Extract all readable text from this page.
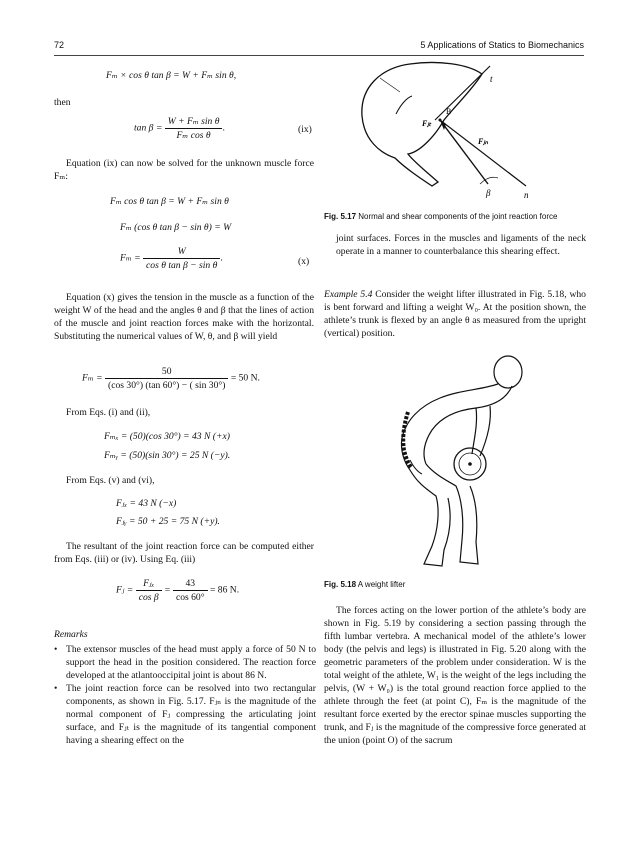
72	5 Applications of Statics to Biomechanics
Fₘ × cos θ tan β = W + Fₘ sin θ,
then
$\tan \beta = \frac{\text{W + Fₘ sin θ}}{\text{Fₘ cos θ}}$ .	(ix)

Equation (ix) can now be solved for the unknown muscle force Fₘ:

Fₘ cos θ tan β = W + Fₘ sin θ
Fₘ (cos θ tan β − sin θ) = W
$F_m = \frac{W}{\text{cos θ tan β − sin θ}}$ .	(x)

Equation (x) gives the tension in the muscle as a function of the weight W of the head and the angles θ and β that the lines of action of the muscle and joint reaction forces make with the horizontal. Substituting the numerical values of W, θ, and β will yield

$F_m = \frac{50}{(\cos 30^\circ) (\tan 60^\circ) - ( \sin 30^\circ)} = 50$ N.
From Eqs. (i) and (ii),
Fₘₓ = (50)(cos 30°) = 43 N (+x)
Fₘᵧ = (50)(sin 30°) = 25 N (−y).
From Eqs. (v) and (vi),
Fⱼₓ = 43 N (−x)
Fⱼᵧ = 50 + 25 = 75 N (+y).

The resultant of the joint reaction force can be computed either from Eqs. (iii) or (iv). Using Eq. (iii)

Fⱼ = $\frac{\text{Fⱼₓ}}{\text{cos β}} = \frac{43}{\cos 60^\circ} = 86$ N.
Remarks

• The extensor muscles of the head must apply a force of 50 N to support the head in the position considered. The reaction force developed at the atlantooccipital joint is about 86 N.

• The joint reaction force can be resolved into two rectangular components, as shown in Fig. 5.17. Fⱼₙ is the magnitude of the normal component of Fⱼ compressing the articulating joint surface, and Fⱼₜ is the magnitude of its tangential component having a shearing effect on the

t
B
Fⱼₜ
Fⱼₙ
β	n
Fig. 5.17 Normal and shear components of the joint reaction force

joint surfaces. Forces in the muscles and ligaments of the neck operate in a manner to counterbalance this shearing effect.

Example 5.4 Consider the weight lifter illustrated in Fig. 5.18, who is bent forward and lifting a weight W₀. At the position shown, the athlete’s trunk is flexed by an angle θ as measured from the upright (vertical) position.

Fig. 5.18 A weight lifter

The forces acting on the lower portion of the athlete’s body are shown in Fig. 5.19 by considering a section passing through the fifth lumbar vertebra. A mechanical model of the athlete’s lower body (the pelvis and legs) is illustrated in Fig. 5.20 along with the geometric parameters of the problem under consideration. W is the total weight of the athlete, W₁ is the weight of the legs including the pelvis, (W + W₀) is the total ground reaction force applied to the athlete through the feet (at point C), Fₘ is the magnitude of the resultant force exerted by the erector spinae muscles supporting the trunk, and Fⱼ is the magnitude of the compressive force generated at the union (point O) of the sacrum
